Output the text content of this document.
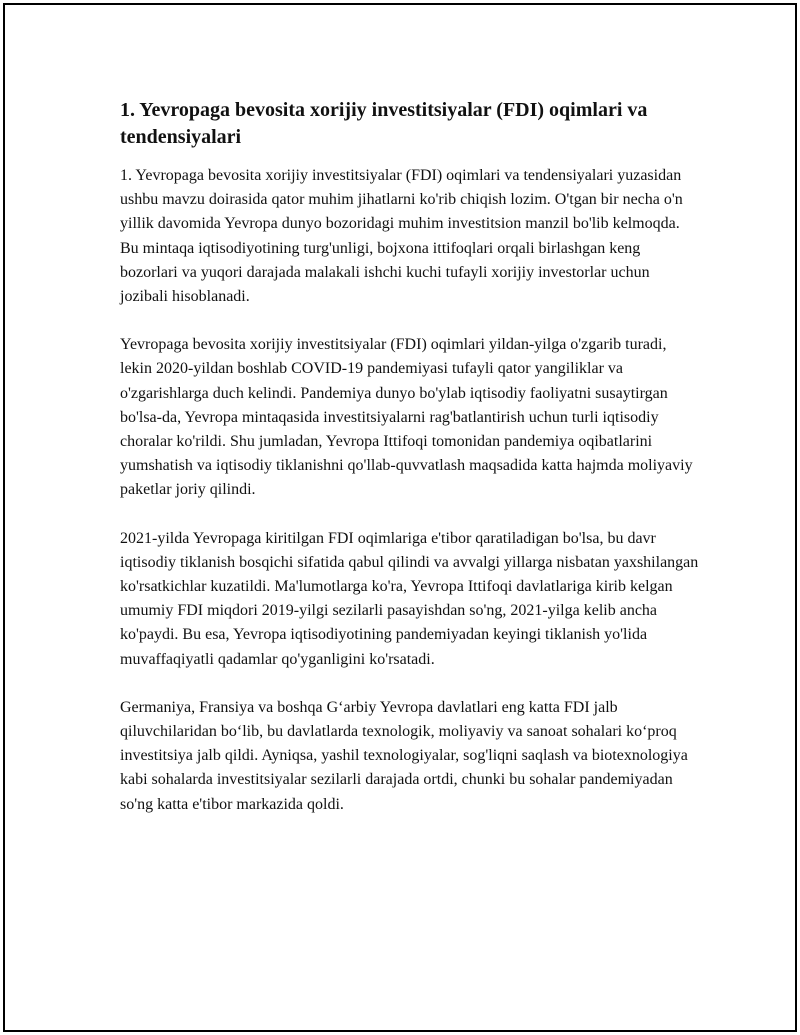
1. Yevropaga bevosita xorijiy investitsiyalar (FDI) oqimlari va tendensiyalari

1. Yevropaga bevosita xorijiy investitsiyalar (FDI) oqimlari va tendensiyalari yuzasidan ushbu mavzu doirasida qator muhim jihatlarni ko'rib chiqish lozim. O'tgan bir necha o'n yillik davomida Yevropa dunyo bozoridagi muhim investitsion manzil bo'lib kelmoqda. Bu mintaqa iqtisodiyotining turg'unligi, bojxona ittifoqlari orqali birlashgan keng bozorlari va yuqori darajada malakali ishchi kuchi tufayli xorijiy investorlar uchun jozibali hisoblanadi.

Yevropaga bevosita xorijiy investitsiyalar (FDI) oqimlari yildan-yilga o'zgarib turadi, lekin 2020-yildan boshlab COVID-19 pandemiyasi tufayli qator yangiliklar va o'zgarishlarga duch kelindi. Pandemiya dunyo bo'ylab iqtisodiy faoliyatni susaytirgan bo'lsa-da, Yevropa mintaqasida investitsiyalarni rag'batlantirish uchun turli iqtisodiy choralar ko'rildi. Shu jumladan, Yevropa Ittifoqi tomonidan pandemiya oqibatlarini yumshatish va iqtisodiy tiklanishni qo'llab-quvvatlash maqsadida katta hajmda moliyaviy paketlar joriy qilindi.

2021-yilda Yevropaga kiritilgan FDI oqimlariga e'tibor qaratiladigan bo'lsa, bu davr iqtisodiy tiklanish bosqichi sifatida qabul qilindi va avvalgi yillarga nisbatan yaxshilangan ko'rsatkichlar kuzatildi. Ma'lumotlarga ko'ra, Yevropa Ittifoqi davlatlariga kirib kelgan umumiy FDI miqdori 2019-yilgi sezilarli pasayishdan so'ng, 2021-yilga kelib ancha ko'paydi. Bu esa, Yevropa iqtisodiyotining pandemiyadan keyingi tiklanish yo'lida muvaffaqiyatli qadamlar qo'yganligini ko'rsatadi.

Germaniya, Fransiya va boshqa G‘arbiy Yevropa davlatlari eng katta FDI jalb qiluvchilaridan bo‘lib, bu davlatlarda texnologik, moliyaviy va sanoat sohalari ko‘proq investitsiya jalb qildi. Ayniqsa, yashil texnologiyalar, sog'liqni saqlash va biotexnologiya kabi sohalarda investitsiyalar sezilarli darajada ortdi, chunki bu sohalar pandemiyadan so'ng katta e'tibor markazida qoldi.
